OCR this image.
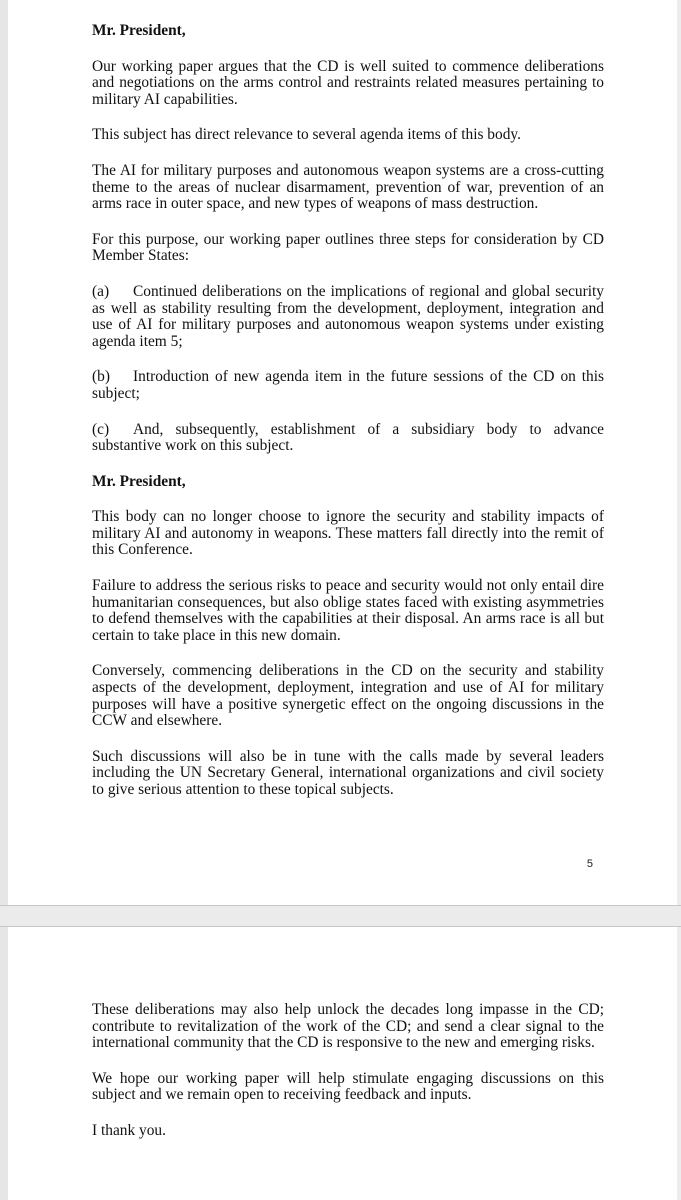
Mr. President,

Our working paper argues that the CD is well suited to commence deliberations and negotiations on the arms control and restraints related measures pertaining to military AI capabilities.

This subject has direct relevance to several agenda items of this body.

The AI for military purposes and autonomous weapon systems are a cross-cutting theme to the areas of nuclear disarmament, prevention of war, prevention of an arms race in outer space, and new types of weapons of mass destruction.

For this purpose, our working paper outlines three steps for consideration by CD Member States:

(a) Continued deliberations on the implications of regional and global security as well as stability resulting from the development, deployment, integration and use of AI for military purposes and autonomous weapon systems under existing agenda item 5;

(b) Introduction of new agenda item in the future sessions of the CD on this subject;

(c) And, subsequently, establishment of a subsidiary body to advance substantive work on this subject.

Mr. President,

This body can no longer choose to ignore the security and stability impacts of military AI and autonomy in weapons. These matters fall directly into the remit of this Conference.

Failure to address the serious risks to peace and security would not only entail dire humanitarian consequences, but also oblige states faced with existing asymmetries to defend themselves with the capabilities at their disposal. An arms race is all but certain to take place in this new domain.

Conversely, commencing deliberations in the CD on the security and stability aspects of the development, deployment, integration and use of AI for military purposes will have a positive synergetic effect on the ongoing discussions in the CCW and elsewhere.

Such discussions will also be in tune with the calls made by several leaders including the UN Secretary General, international organizations and civil society to give serious attention to these topical subjects.

5

These deliberations may also help unlock the decades long impasse in the CD; contribute to revitalization of the work of the CD; and send a clear signal to the international community that the CD is responsive to the new and emerging risks.

We hope our working paper will help stimulate engaging discussions on this subject and we remain open to receiving feedback and inputs.

I thank you.
